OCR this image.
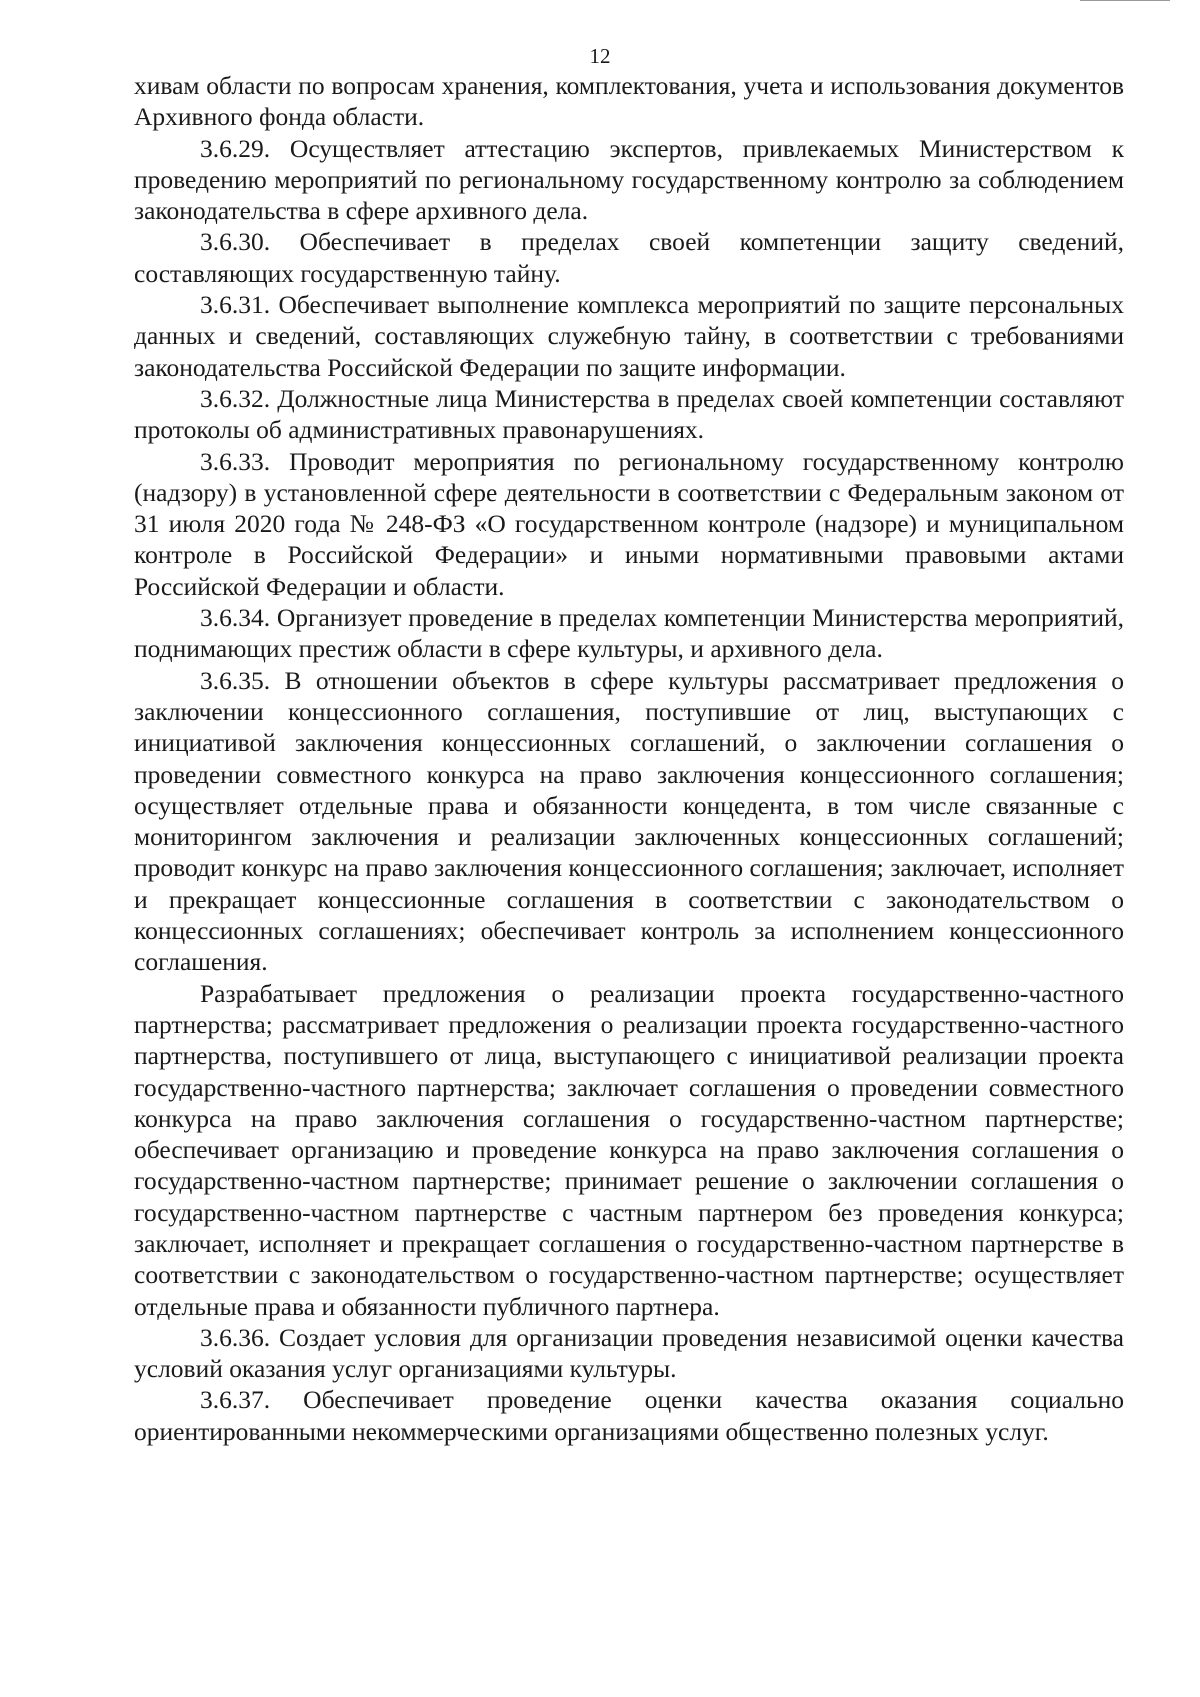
12

хивам области по вопросам хранения, комплектования, учета и использования документов Архивного фонда области.

3.6.29. Осуществляет аттестацию экспертов, привлекаемых Министерством к проведению мероприятий по региональному государственному контролю за соблюдением законодательства в сфере архивного дела.

3.6.30. Обеспечивает в пределах своей компетенции защиту сведений, составляющих государственную тайну.

3.6.31. Обеспечивает выполнение комплекса мероприятий по защите персональных данных и сведений, составляющих служебную тайну, в соответствии с требованиями законодательства Российской Федерации по защите информации.

3.6.32. Должностные лица Министерства в пределах своей компетенции составляют протоколы об административных правонарушениях.

3.6.33. Проводит мероприятия по региональному государственному контролю (надзору) в установленной сфере деятельности в соответствии с Федеральным законом от 31 июля 2020 года № 248-ФЗ «О государственном контроле (надзоре) и муниципальном контроле в Российской Федерации» и иными нормативными правовыми актами Российской Федерации и области.

3.6.34. Организует проведение в пределах компетенции Министерства мероприятий, поднимающих престиж области в сфере культуры, и архивного дела.

3.6.35. В отношении объектов в сфере культуры рассматривает предложения о заключении концессионного соглашения, поступившие от лиц, выступающих с инициативой заключения концессионных соглашений, о заключении соглашения о проведении совместного конкурса на право заключения концессионного соглашения; осуществляет отдельные права и обязанности концедента, в том числе связанные с мониторингом заключения и реализации заключенных концессионных соглашений; проводит конкурс на право заключения концессионного соглашения; заключает, исполняет и прекращает концессионные соглашения в соответствии с законодательством о концессионных соглашениях; обеспечивает контроль за исполнением концессионного соглашения.

Разрабатывает предложения о реализации проекта государственно-частного партнерства; рассматривает предложения о реализации проекта государственно-частного партнерства, поступившего от лица, выступающего с инициативой реализации проекта государственно-частного партнерства; заключает соглашения о проведении совместного конкурса на право заключения соглашения о государственно-частном партнерстве; обеспечивает организацию и проведение конкурса на право заключения соглашения о государственно-частном партнерстве; принимает решение о заключении соглашения о государственно-частном партнерстве с частным партнером без проведения конкурса; заключает, исполняет и прекращает соглашения о государственно-частном партнерстве в соответствии с законодательством о государственно-частном партнерстве; осуществляет отдельные права и обязанности публичного партнера.

3.6.36. Создает условия для организации проведения независимой оценки качества условий оказания услуг организациями культуры.

3.6.37. Обеспечивает проведение оценки качества оказания социально ориентированными некоммерческими организациями общественно полезных услуг.
